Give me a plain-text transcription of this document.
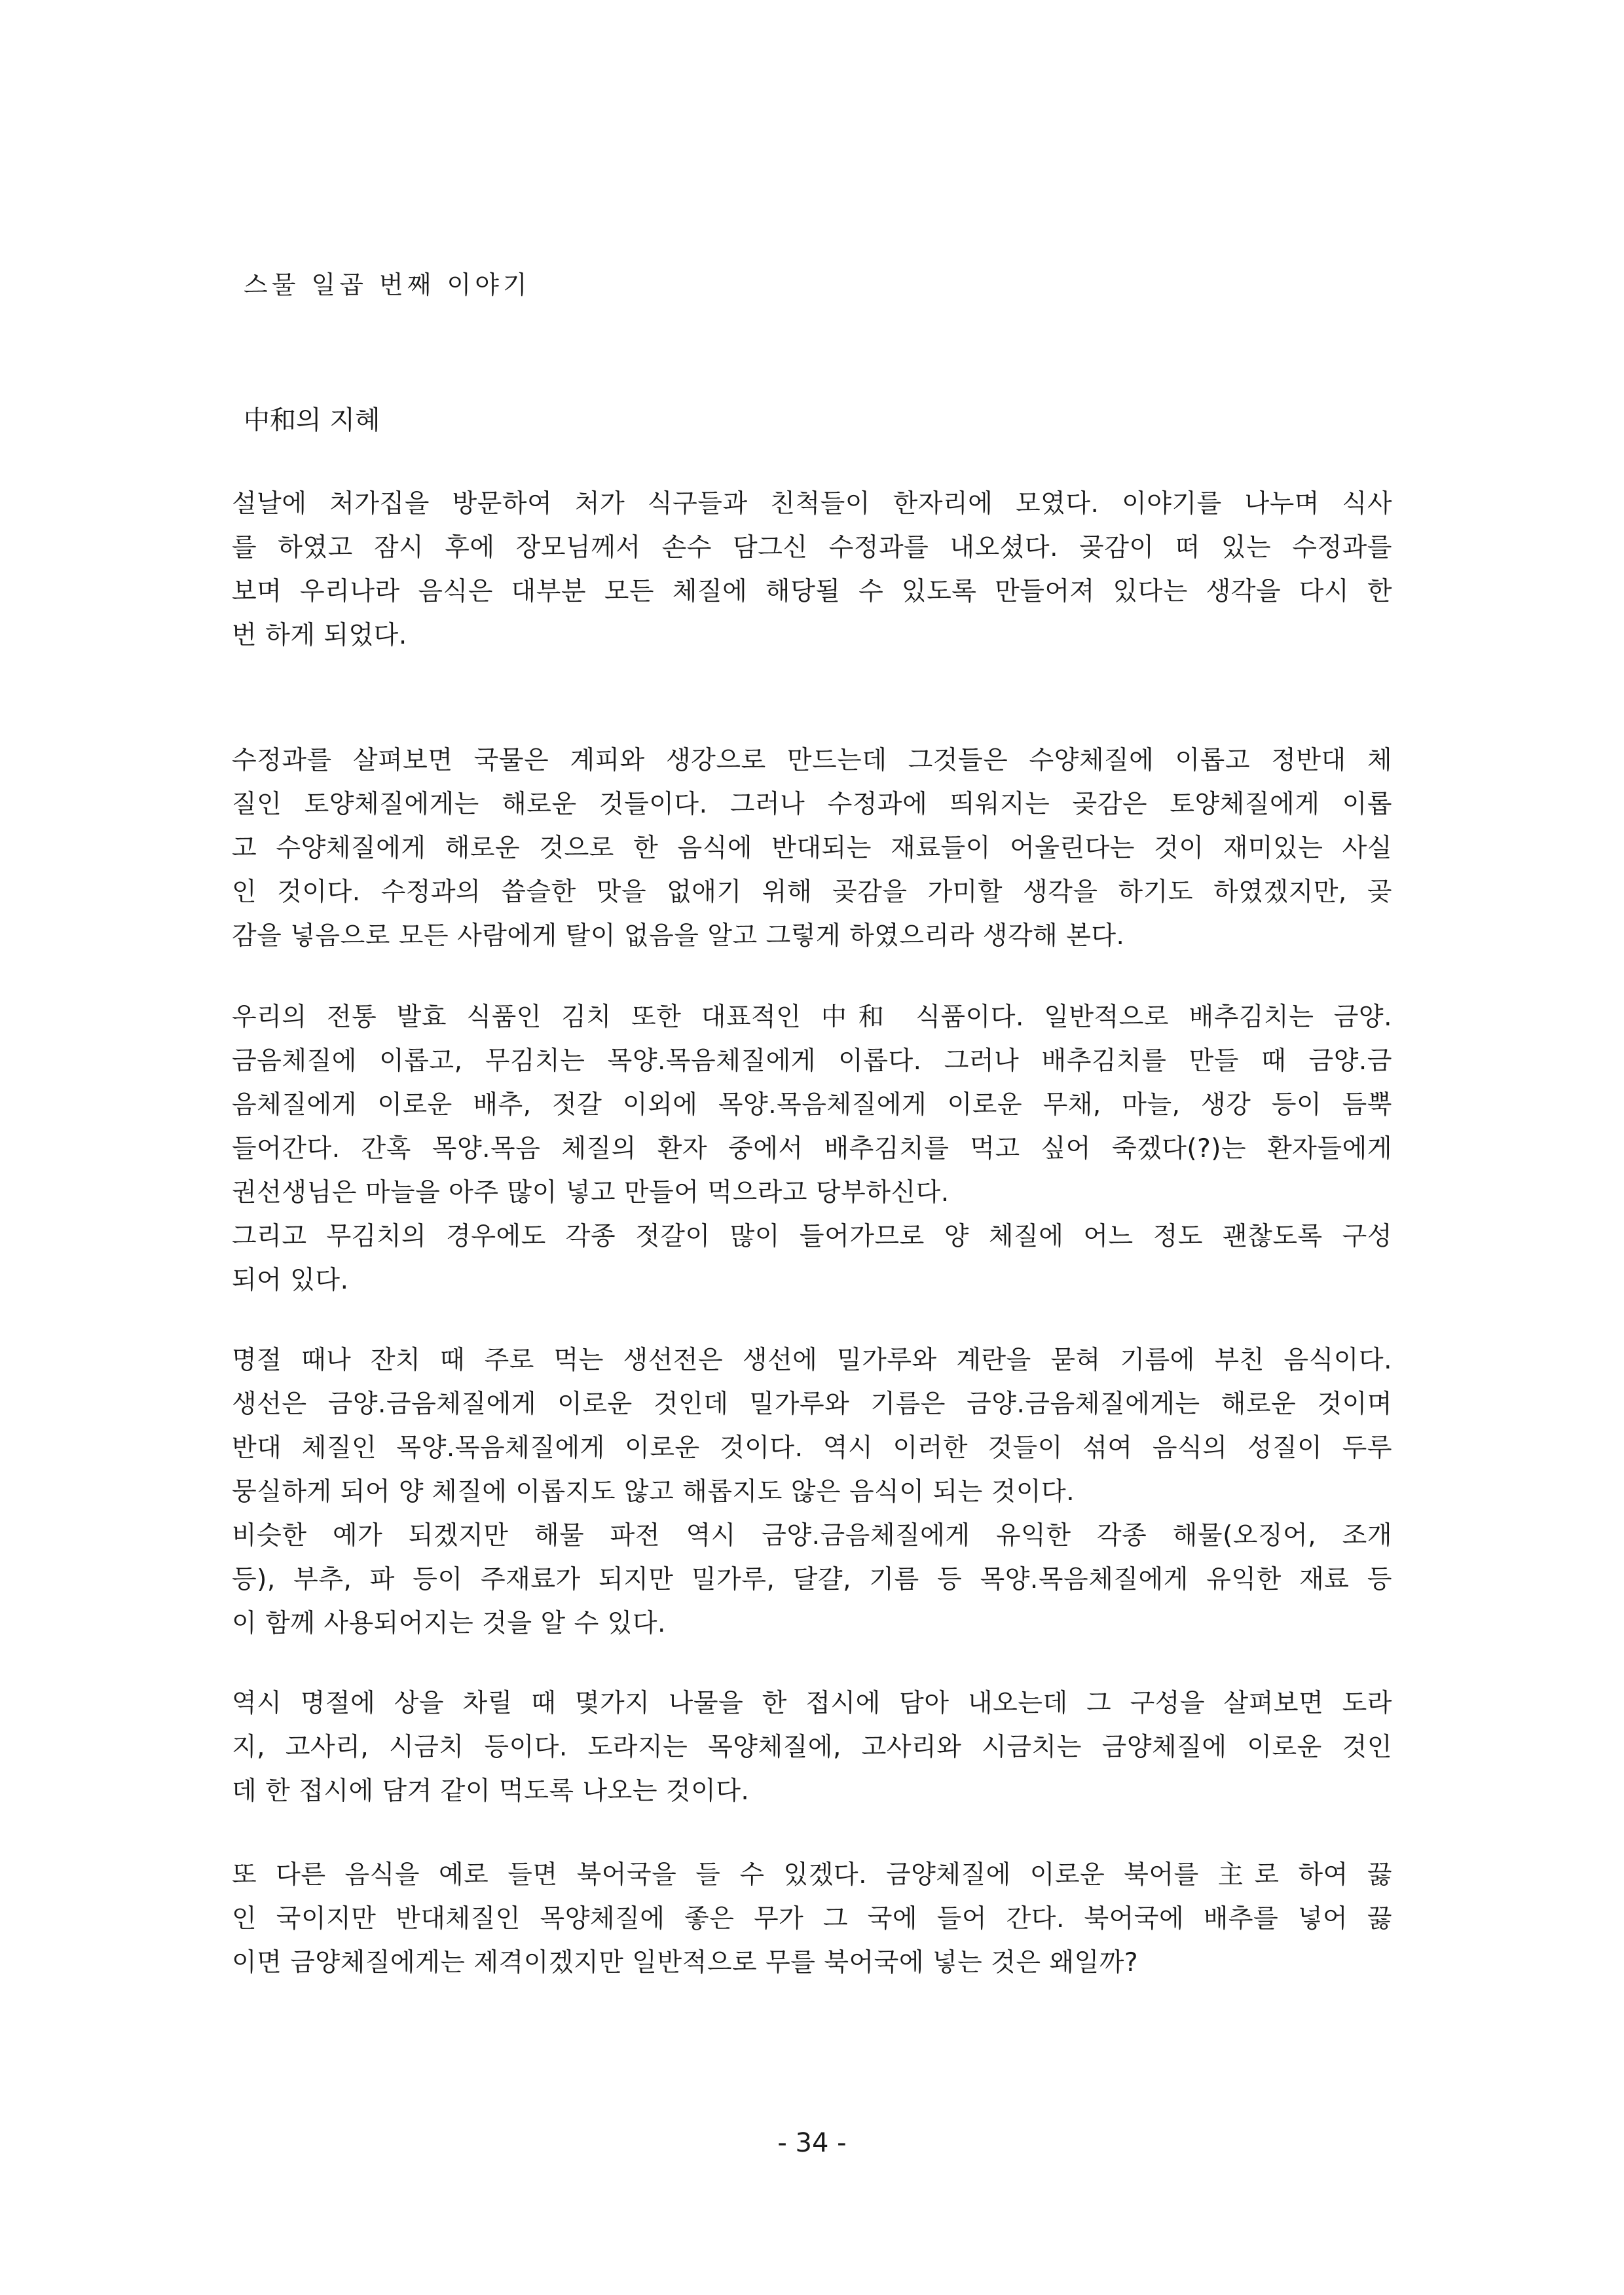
스물 일곱 번째 이야기
中和의 지혜
설날에 처가집을 방문하여 처가 식구들과 친척들이 한자리에 모였다. 이야기를 나누며 식사
를 하였고 잠시 후에 장모님께서 손수 담그신 수정과를 내오셨다. 곶감이 떠 있는 수정과를
보며 우리나라 음식은 대부분 모든 체질에 해당될 수 있도록 만들어져 있다는 생각을 다시 한
번 하게 되었다.
수정과를 살펴보면 국물은 계피와 생강으로 만드는데 그것들은 수양체질에 이롭고 정반대 체
질인 토양체질에게는 해로운 것들이다. 그러나 수정과에 띄워지는 곶감은 토양체질에게 이롭
고 수양체질에게 해로운 것으로 한 음식에 반대되는 재료들이 어울린다는 것이 재미있는 사실
인 것이다. 수정과의 씁슬한 맛을 없애기 위해 곶감을 가미할 생각을 하기도 하였겠지만, 곶
감을 넣음으로 모든 사람에게 탈이 없음을 알고 그렇게 하였으리라 생각해 본다.
우리의 전통 발효 식품인 김치 또한 대표적인 中和 식품이다. 일반적으로 배추김치는 금양.
금음체질에 이롭고, 무김치는 목양.목음체질에게 이롭다. 그러나 배추김치를 만들 때 금양.금
음체질에게 이로운 배추, 젓갈 이외에 목양.목음체질에게 이로운 무채, 마늘, 생강 등이 듬뿍
들어간다. 간혹 목양.목음 체질의 환자 중에서 배추김치를 먹고 싶어 죽겠다(?)는 환자들에게
권선생님은 마늘을 아주 많이 넣고 만들어 먹으라고 당부하신다.
그리고 무김치의 경우에도 각종 젓갈이 많이 들어가므로 양 체질에 어느 정도 괜찮도록 구성
되어 있다.
명절 때나 잔치 때 주로 먹는 생선전은 생선에 밀가루와 계란을 묻혀 기름에 부친 음식이다.
생선은 금양.금음체질에게 이로운 것인데 밀가루와 기름은 금양.금음체질에게는 해로운 것이며
반대 체질인 목양.목음체질에게 이로운 것이다. 역시 이러한 것들이 섞여 음식의 성질이 두루
뭉실하게 되어 양 체질에 이롭지도 않고 해롭지도 않은 음식이 되는 것이다.
비슷한 예가 되겠지만 해물 파전 역시 금양.금음체질에게 유익한 각종 해물(오징어, 조개
등), 부추, 파 등이 주재료가 되지만 밀가루, 달걀, 기름 등 목양.목음체질에게 유익한 재료 등
이 함께 사용되어지는 것을 알 수 있다.
역시 명절에 상을 차릴 때 몇가지 나물을 한 접시에 담아 내오는데 그 구성을 살펴보면 도라
지, 고사리, 시금치 등이다. 도라지는 목양체질에, 고사리와 시금치는 금양체질에 이로운 것인
데 한 접시에 담겨 같이 먹도록 나오는 것이다.
또 다른 음식을 예로 들면 북어국을 들 수 있겠다. 금양체질에 이로운 북어를 主로 하여 끓
인 국이지만 반대체질인 목양체질에 좋은 무가 그 국에 들어 간다. 북어국에 배추를 넣어 끓
이면 금양체질에게는 제격이겠지만 일반적으로 무를 북어국에 넣는 것은 왜일까?
- 34 -
